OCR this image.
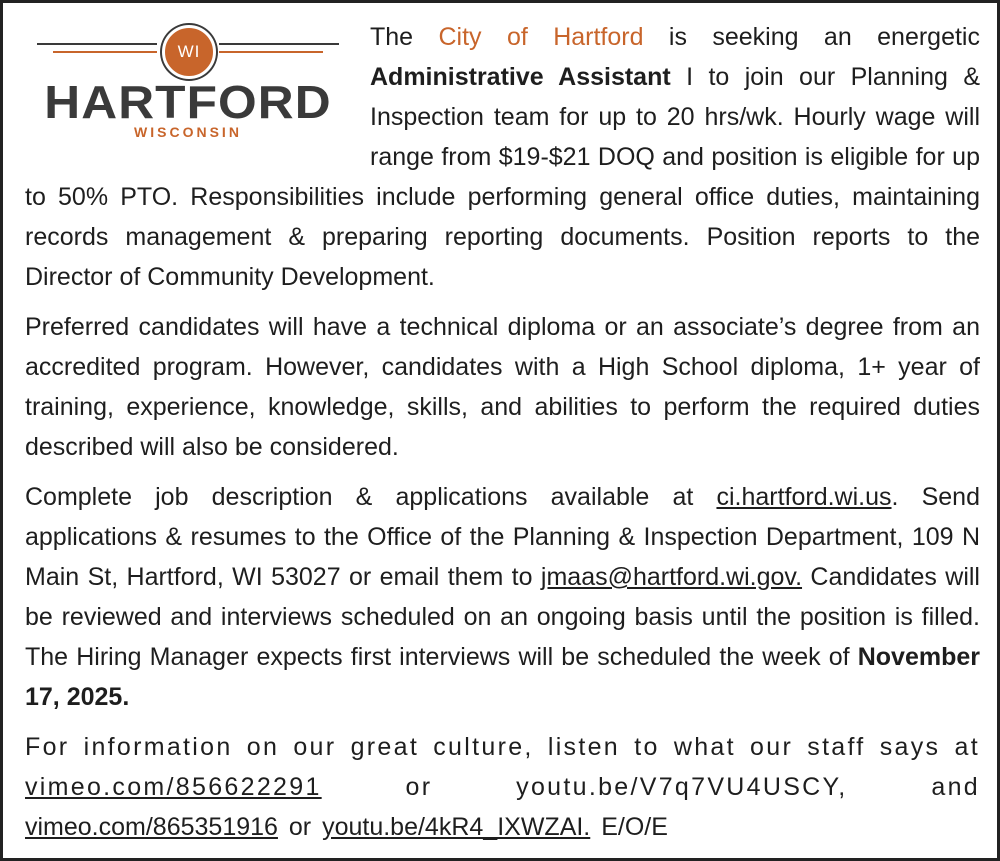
WI
HARTFORD
WISCONSIN

The City of Hartford is seeking an energetic Administrative Assistant I to join our Planning & Inspection team for up to 20 hrs/wk. Hourly wage will range from $19-$21 DOQ and position is eligible for up to 50% PTO. Responsibilities include performing general office duties, maintaining records management & preparing reporting documents. Position reports to the Director of Community Development.

Preferred candidates will have a technical diploma or an associate’s degree from an accredited program. However, candidates with a High School diploma, 1+ year of training, experience, knowledge, skills, and abilities to perform the required duties described will also be considered.

Complete job description & applications available at ci.hartford.wi.us. Send applications & resumes to the Office of the Planning & Inspection Department, 109 N Main St, Hartford, WI 53027 or email them to jmaas@hartford.wi.gov. Candidates will be reviewed and interviews scheduled on an ongoing basis until the position is filled. The Hiring Manager expects first interviews will be scheduled the week of November 17, 2025.

For information on our great culture, listen to what our staff says at vimeo.com/856622291 or youtu.be/V7q7VU4USCY, and vimeo.com/865351916 or youtu.be/4kR4_IXWZAI. E/O/E
